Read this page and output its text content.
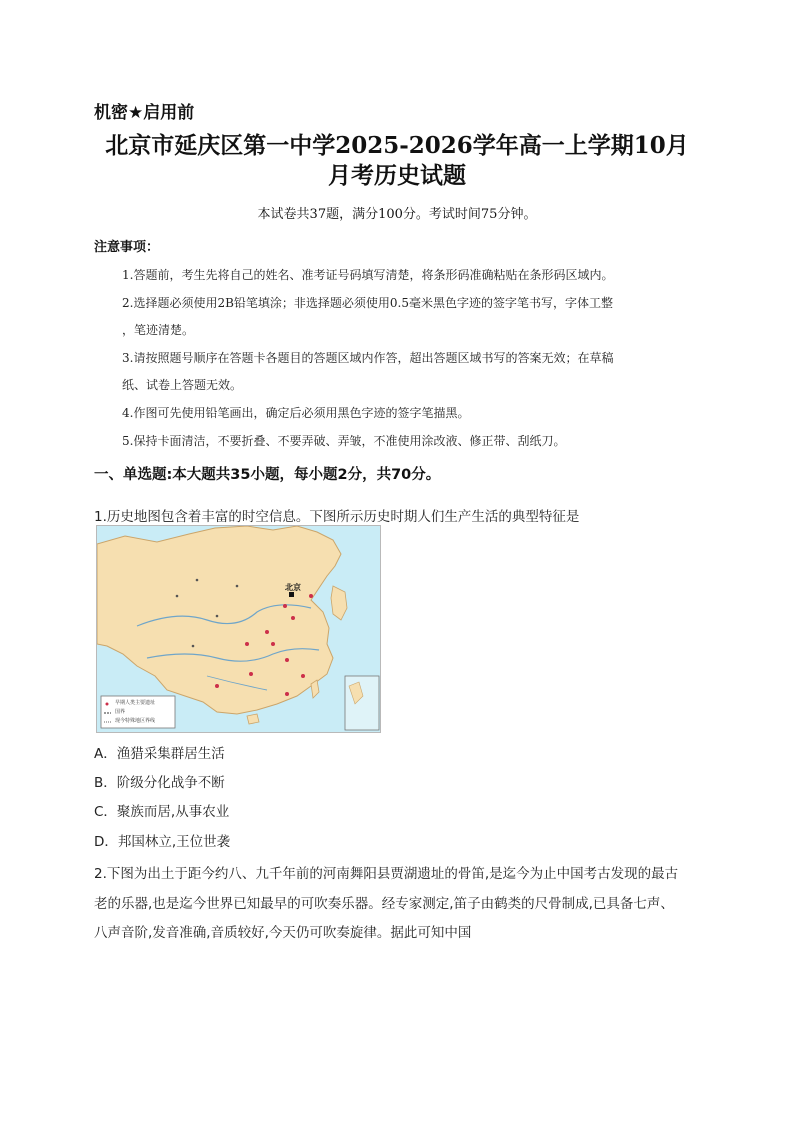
机密★启用前
北京市延庆区第一中学2025-2026学年高一上学期10月
月考历史试题
本试卷共37题，满分100分。考试时间75分钟。
注意事项：
1.答题前，考生先将自己的姓名、准考证号码填写清楚，将条形码准确粘贴在条形码区域内。
2.选择题必须使用2B铅笔填涂；非选择题必须使用0.5毫米黑色字迹的签字笔书写，字体工整
，笔迹清楚。
3.请按照题号顺序在答题卡各题目的答题区域内作答，超出答题区域书写的答案无效；在草稿
纸、试卷上答题无效。
4.作图可先使用铅笔画出，确定后必须用黑色字迹的签字笔描黑。
5.保持卡面清洁，不要折叠、不要弄破、弄皱，不准使用涂改液、修正带、刮纸刀。
一、单选题:本大题共35小题，每小题2分，共70分。
1.历史地图包含着丰富的时空信息。下图所示历史时期人们生产生活的典型特征是
北京
早期人类主要遗址
国界
现今特殊地区界线
A．渔猎采集群居生活
B．阶级分化战争不断
C．聚族而居,从事农业
D．邦国林立,王位世袭
2.下图为出土于距今约八、九千年前的河南舞阳县贾湖遗址的骨笛,是迄今为止中国考古发现的最古
老的乐器,也是迄今世界已知最早的可吹奏乐器。经专家测定,笛子由鹤类的尺骨制成,已具备七声、
八声音阶,发音准确,音质较好,今天仍可吹奏旋律。据此可知中国
